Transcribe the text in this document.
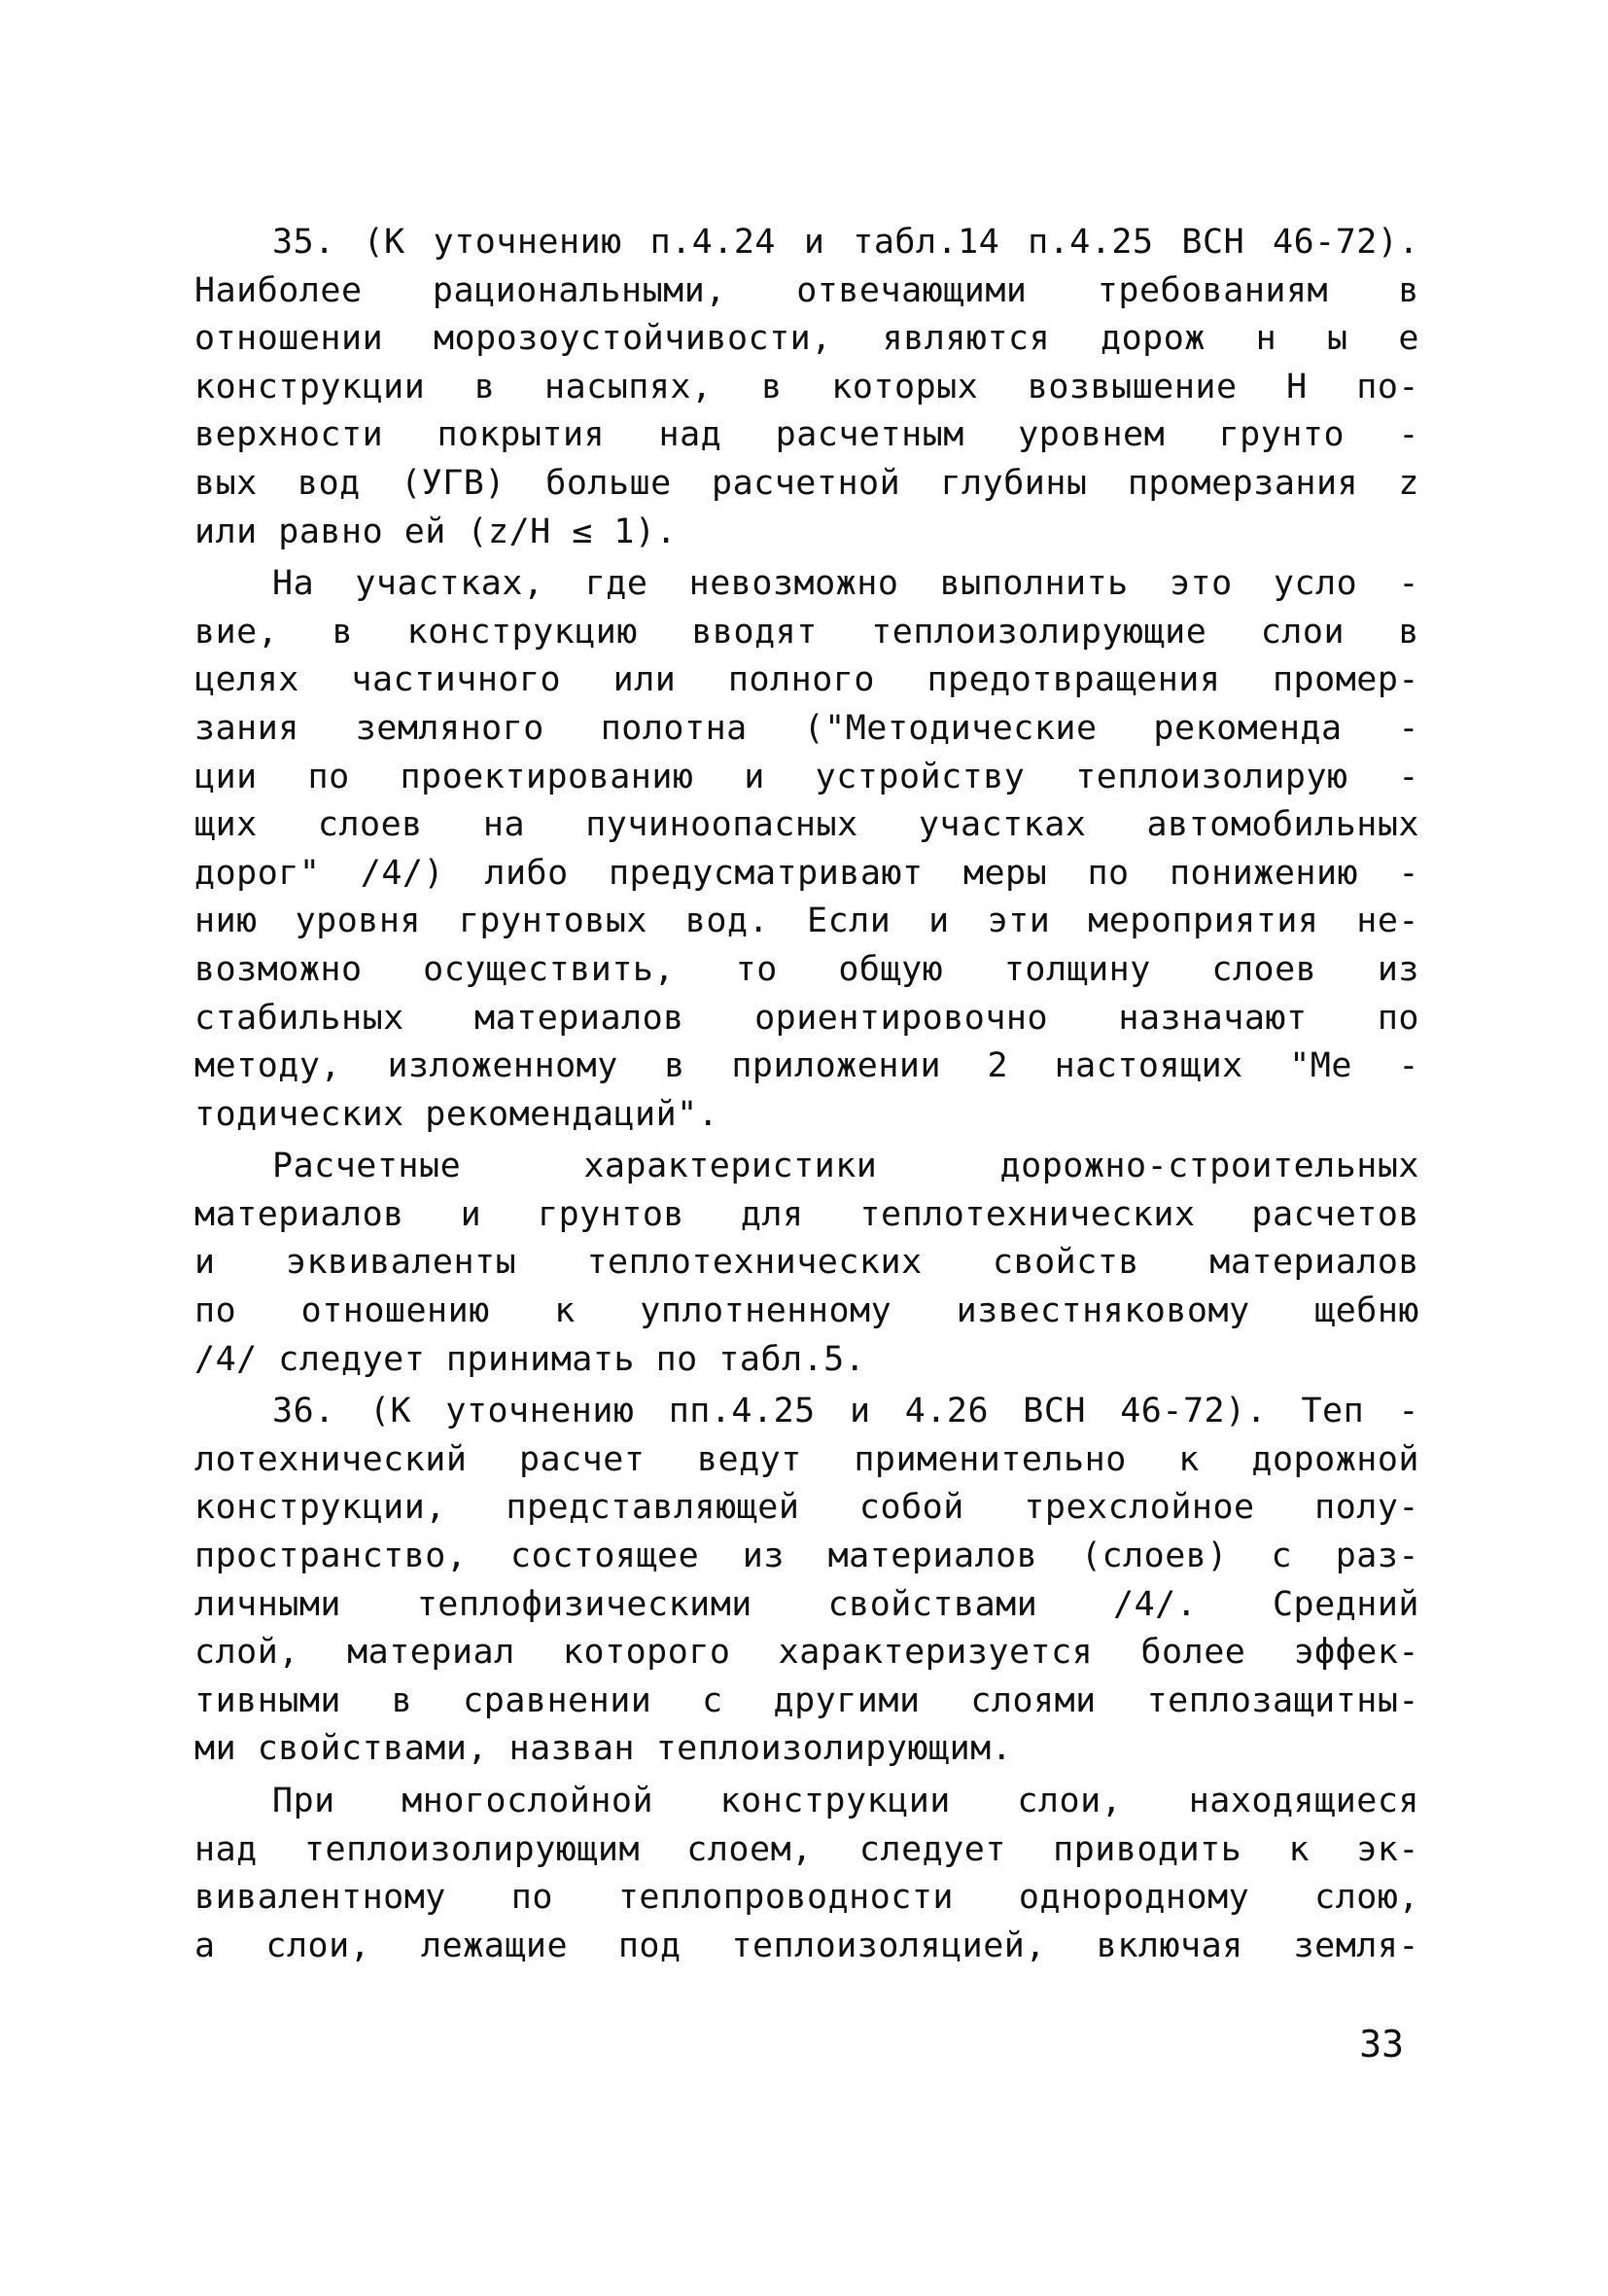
35. (К уточнению п.4.24 и табл.14 п.4.25 ВСН 46-72).
Наиболее рациональными, отвечающими требованиям в
отношении морозоустойчивости, являются дорож н ы е
конструкции в насыпях, в которых возвышение H по-
верхности покрытия над расчетным уровнем грунто -
вых вод (УГВ) больше расчетной глубины промерзания z
или равно ей (z/H ≤ 1).
На участках, где невозможно выполнить это усло -
вие, в конструкцию вводят теплоизолирующие слои в
целях частичного или полного предотвращения промер-
зания земляного полотна ("Методические рекоменда -
ции по проектированию и устройству теплоизолирую -
щих слоев на пучиноопасных участках автомобильных
дорог" /4/) либо предусматривают меры по понижению -
нию уровня грунтовых вод. Если и эти мероприятия не-
возможно осуществить, то общую толщину слоев из
стабильных материалов ориентировочно назначают по
методу, изложенному в приложении 2 настоящих "Ме -
тодических рекомендаций".
Расчетные характеристики дорожно-строительных
материалов и грунтов для теплотехнических расчетов
и эквиваленты теплотехнических свойств материалов
по отношению к уплотненному известняковому щебню
/4/ следует принимать по табл.5.
36. (К уточнению пп.4.25 и 4.26 ВСН 46-72). Теп -
лотехнический расчет ведут применительно к дорожной
конструкции, представляющей собой трехслойное полу-
пространство, состоящее из материалов (слоев) с раз-
личными теплофизическими свойствами /4/. Средний
слой, материал которого характеризуется более эффек-
тивными в сравнении с другими слоями теплозащитны-
ми свойствами, назван теплоизолирующим.
При многослойной конструкции слои, находящиеся
над теплоизолирующим слоем, следует приводить к эк-
вивалентному по теплопроводности однородному слою,
а слои, лежащие под теплоизоляцией, включая земля-
33
